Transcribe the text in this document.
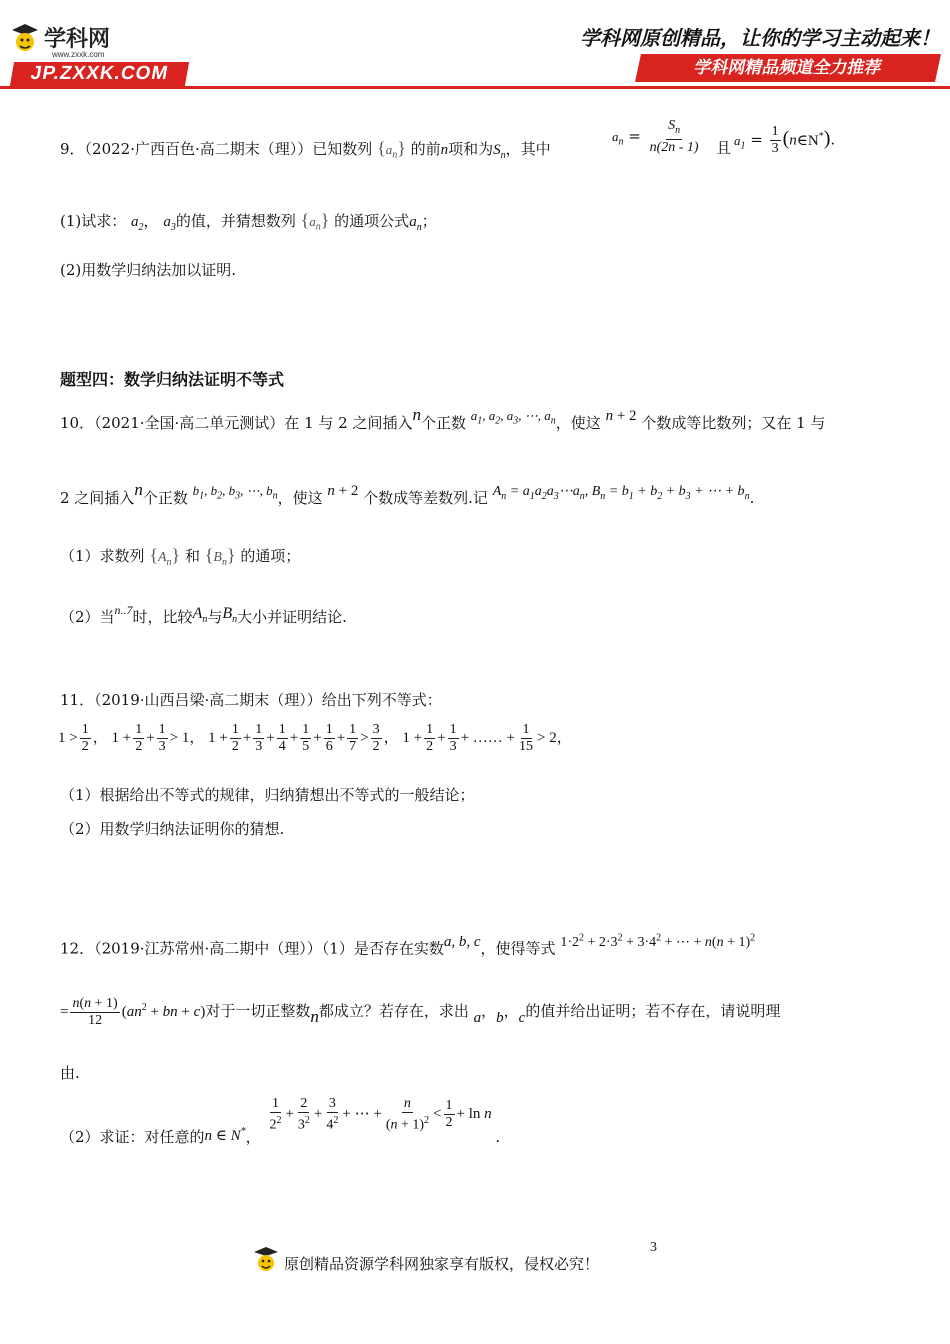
学科网
www.zxxk.com
JP.ZXXK.COM
学科网原创精品，让你的学习主动起来！
学科网精品频道全力推荐
9．（2022·广西百色·高二期末（理））已知数列 $\{a_n\}$ 的前n项和为$S_n$，其中
$a_n = \frac{S_n}{n(2n - 1)}$ 且 $a_1 = \frac{1}{3}$ (n∈N*).
(1)试求： $a_2$， $a_3$的值，并猜想数列 $\{a_n\}$ 的通项公式$a_n$；
(2)用数学归纳法加以证明.
题型四：数学归纳法证明不等式
10．（2021·全国·高二单元测试）在 1 与 2 之间插入n个正数 $a_1$, $a_2$, $a_3$, ⋯, $a_n$，使这 n + 2 个数成等比数列；又在 1 与
2 之间插入n个正数 $b_1$, $b_2$, $b_3$, ⋯, $b_n$，使这 n + 2 个数成等差数列.记 $A_n$ = $a_1a_2a_3\cdots a_n$, $B_n = b_1 + b_2 + b_3$ + ⋯ + $b_n$.
（1）求数列 $\{A_n\}$ 和 $\{B_n\}$ 的通项；
（2）当$^{n..7}$时，比较$A_n$与$B_n$大小并证明结论.
11．（2019·山西吕梁·高二期末（理））给出下列不等式：
$1 > \frac{1}{2}$ ， $1 + \frac{1}{2} + \frac{1}{3} > 1$， $1 + \frac{1}{2} + \frac{1}{3} + \frac{1}{4} + \frac{1}{5} + \frac{1}{6} + \frac{1}{7} > \frac{3}{2}$ ， $1 + \frac{1}{2} + \frac{1}{3}$ + …… + $\frac{1}{15} > 2$，
（1）根据给出不等式的规律，归纳猜想出不等式的一般结论；
（2）用数学归纳法证明你的猜想.
12．（2019·江苏常州·高二期中（理））（1）是否存在实数a, b, c，使得等式 $1\cdot 2^2 + 2\cdot 3^2 + 3\cdot 4^2$ + ⋯ + $n(n + 1)^2$
= $\frac{n(n + 1)}{12} (an^2$ + bn + c)对于一切正整数n都成立？若存在，求出 a，b，c的值并给出证明；若不存在，请说明理
由.
（2）求证：对任意的n ∈ N*，
$\frac{1}{2^2} + \frac{2}{3^2} + \frac{3}{4^2}$ + ⋯ + $\frac{n}{(n + 1)^2} < \frac{1}{2} + \ln n$ .
原创精品资源学科网独家享有版权，侵权必究！
3
